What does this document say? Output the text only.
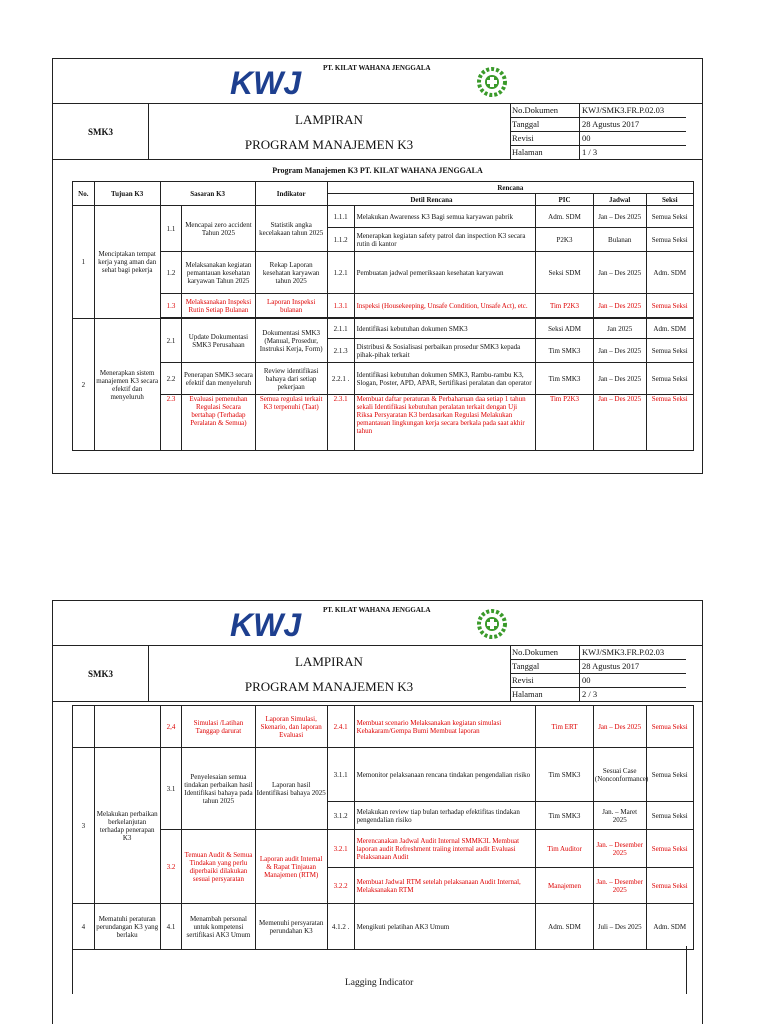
KWJ	PT. KILAT WAHANA JENGGALA
SMK3
LAMPIRAN
PROGRAM MANAJEMEN K3
No.Dokumen	KWJ/SMK3.FR.P.02.03
Tanggal	28 Agustus 2017
Revisi	00
Halaman	1 / 3
Program Manajemen K3 PT. KILAT WAHANA JENGGALA
No.	Tujuan K3	Sasaran K3		Indikator	Rencana				
					Detil Rencana		PIC	Jadwal	Seksi
1	Menciptakan tempat kerja yang aman dan sehat bagi pekerja	1.1	Mencapai zero accident Tahun 2025	Statistik angka kecelakaan tahun 2025	1.1.1	Melakukan Awareness K3 Bagi semua karyawan pabrik	Adm. SDM	Jan – Des 2025	Semua Seksi
					1.1.2	Menerapkan kegiatan safety patrol dan inspection K3 secara rutin di kantor	P2K3	Bulanan	Semua Seksi
		1.2	Melaksanakan kegiatan pemantauan kesehatan karyawan Tahun 2025	Rekap Laporan kesehatan karyawan tahun 2025	1.2.1	Pembuatan jadwal pemeriksaan kesehatan karyawan	Seksi SDM	Jan – Des 2025	Adm. SDM
		1.3	Melaksanakan Inspeksi Rutin Setiap Bulanan	Laporan Inspeksi bulanan	1.3.1	Inspeksi (Housekeeping, Unsafe Condition, Unsafe Act), etc.	Tim P2K3	Jan – Des 2025	Semua Seksi

2	Menerapkan sistem manajemen K3 secara efektif dan menyeluruh	2.1	Update Dokumentasi SMK3 Perusahaan	Dokumentasi SMK3 (Manual, Prosedur, Instruksi Kerja, Form)	2.1.1	Identifikasi kebutuhan dokumen SMK3	Seksi ADM	Jan 2025	Adm. SDM
					2.1.3	Distribusi & Sosialisasi perbaikan prosedur SMK3 kepada pihak-pihak terkait	Tim SMK3	Jan – Des 2025	Semua Seksi
		2.2	Penerapan SMK3 secara efektif dan menyeluruh	Review identifikasi bahaya dari setiap pekerjaan	2.2.1 .	Identifikasi kebutuhan dokumen SMK3, Rambu-rambu K3, Slogan, Poster, APD, APAR, Sertifikasi peralatan dan operator	Tim SMK3	Jan – Des 2025	Semua Seksi
		2.3	Evaluasi pemenuhan Regulasi Secara bertahap (Terhadap Peralatan & Semua)	Semua regulasi terkait K3 terpenuhi (Taat)	2.3.1	Membuat daftar peraturan & Perbaharuan daa setiap 1 tahun sekali Identifikasi kebutuhan peralatan terkait dengan Uji Riksa Persyaratan K3 berdasarkan Regulasi Melakukan pemantauan lingkungan kerja secara berkala pada saat akhir tahun	Tim P2K3	Jan – Des 2025	Semua Seksi
KWJ	PT. KILAT WAHANA JENGGALA
SMK3
LAMPIRAN
PROGRAM MANAJEMEN K3
No.Dokumen	KWJ/SMK3.FR.P.02.03
Tanggal	28 Agustus 2017
Revisi	00
Halaman	2 / 3
		2,4	Simulasi /Latihan Tanggap darurat	Laporan Simulasi, Skenario, dan laporan Evaluasi	2.4.1	Membuat scenario Melaksanakan kegiatan simulasi Kebakaram/Gempa Bumi Membuat laporan	Tim ERT	Jan – Des 2025	Semua Seksi
3	Melakukan perbaikan berkelanjutan terhadap penerapan K3	3.1	Penyelesaian semua tindakan perbaikan hasil Identifikasi bahaya pada tahun 2025	Laporan hasil Identifikasi bahaya 2025	3.1.1	Memonitor pelaksanaan rencana tindakan pengendalian risiko	Tim SMK3	Sesuai Case (Nonconformance)	Semua Seksi
					3.1.2	Melakukan review tiap bulan terhadap efektifitas tindakan pengendalian risiko	Tim SMK3	Jan. – Maret 2025	Semua Seksi
		3.2	Temuan Audit & Semua Tindakan yang perlu diperbaiki dilakukan sesuai persyaratan	Laporan audit Internal & Rapat Tinjauan Manajemen (RTM)	3.2.1	Merencanakan Jadwal Audit Internal SMMK3L Membuat laporan audit Refreshment traiing internal audit Evaluasi Pelaksanaan Audit	Tim Auditor	Jan. – Desember 2025	Semua Seksi
					3.2.2	Membuat Jadwal RTM setelah pelaksanaan Audit Internal, Melaksanakan RTM	Manajemen	Jan. – Desember 2025	Semua Seksi
4	Mematuhi peraturan perundangan K3 yang berlaku	4.1	Menambah personal untuk kompetensi sertifikasi AK3 Umum	Memenuhi persyaratan perundahan K3	4.1.2 .	Mengikuti pelatihan AK3 Umum	Adm. SDM	Juli – Des 2025	Adm. SDM
Lagging Indicator
